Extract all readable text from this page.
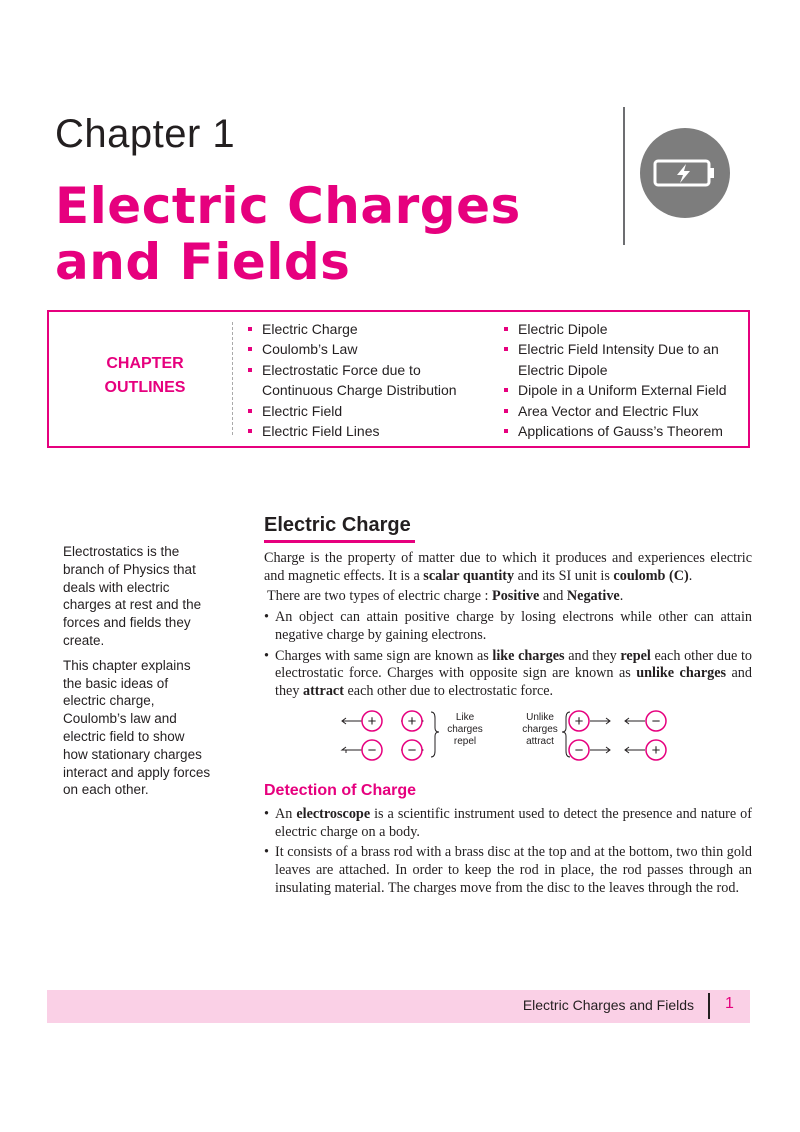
Chapter 1
Electric Charges
and Fields
CHAPTER
OUTLINES
Electric Charge
Coulomb’s Law
Electrostatic Force due to Continuous Charge Distribution
Electric Field
Electric Field Lines
Electric Dipole
Electric Field Intensity Due to an Electric Dipole
Dipole in a Uniform External Field
Area Vector and Electric Flux
Applications of Gauss’s Theorem

Electrostatics is the branch of Physics that deals with electric charges at rest and the forces and fields they create.

This chapter explains the basic ideas of electric charge, Coulomb’s law and electric field to show how stationary charges interact and apply forces on each other.

Electric Charge
Charge is the property of matter due to which it produces and experiences electric and magnetic effects. It is a scalar quantity and its SI unit is coulomb (C).
There are two types of electric charge : Positive and Negative.
• An object can attain positive charge by losing electrons while other can attain negative charge by gaining electrons.
• Charges with same sign are known as like charges and they repel each other due to electrostatic force. Charges with opposite sign are known as unlike charges and they attract each other due to electrostatic force.
+ +
− −
+
−
−
+
Like
charges
repel
Unlike
charges
attract
Detection of Charge
• An electroscope is a scientific instrument used to detect the presence and nature of electric charge on a body.
• It consists of a brass rod with a brass disc at the top and at the bottom, two thin gold leaves are attached. In order to keep the rod in place, the rod passes through an insulating material. The charges move from the disc to the leaves through the rod.
Electric Charges and Fields 1
